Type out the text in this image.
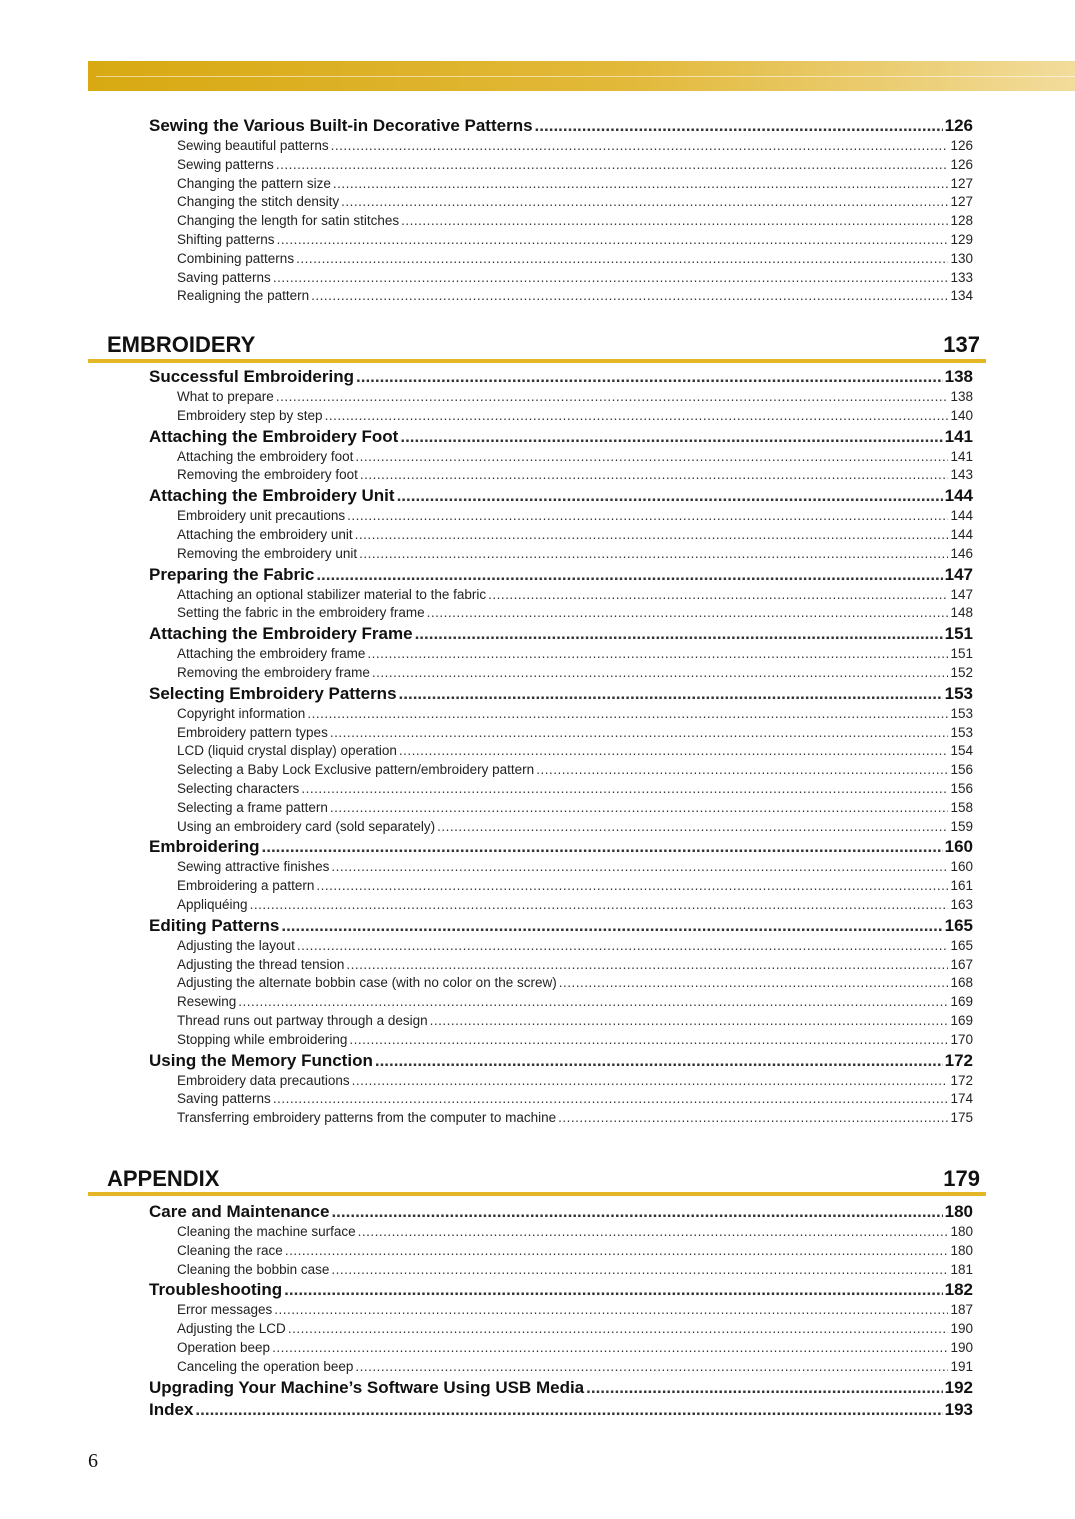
Sewing the Various Built-in Decorative Patterns .....	126
Sewing beautiful patterns .....	126
Sewing patterns .....	126
Changing the pattern size .....	127
Changing the stitch density .....	127
Changing the length for satin stitches .....	128
Shifting patterns .....	129
Combining patterns .....	130
Saving patterns .....	133
Realigning the pattern .....	134
EMBROIDERY	137
Successful Embroidering .....	138
What to prepare .....	138
Embroidery step by step .....	140
Attaching the Embroidery Foot .....	141
Attaching the embroidery foot .....	141
Removing the embroidery foot .....	143
Attaching the Embroidery Unit .....	144
Embroidery unit precautions .....	144
Attaching the embroidery unit .....	144
Removing the embroidery unit .....	146
Preparing the Fabric .....	147
Attaching an optional stabilizer material to the fabric .....	147
Setting the fabric in the embroidery frame .....	148
Attaching the Embroidery Frame .....	151
Attaching the embroidery frame .....	151
Removing the embroidery frame .....	152
Selecting Embroidery Patterns .....	153
Copyright information .....	153
Embroidery pattern types .....	153
LCD (liquid crystal display) operation .....	154
Selecting a Baby Lock Exclusive pattern/embroidery pattern .....	156
Selecting characters .....	156
Selecting a frame pattern .....	158
Using an embroidery card (sold separately) .....	159
Embroidering .....	160
Sewing attractive finishes .....	160
Embroidering a pattern .....	161
Appliquéing .....	163
Editing Patterns .....	165
Adjusting the layout .....	165
Adjusting the thread tension .....	167
Adjusting the alternate bobbin case (with no color on the screw) .....	168
Resewing .....	169
Thread runs out partway through a design .....	169
Stopping while embroidering .....	170
Using the Memory Function .....	172
Embroidery data precautions .....	172
Saving patterns .....	174
Transferring embroidery patterns from the computer to machine .....	175
APPENDIX	179
Care and Maintenance .....	180
Cleaning the machine surface .....	180
Cleaning the race .....	180
Cleaning the bobbin case .....	181
Troubleshooting .....	182
Error messages .....	187
Adjusting the LCD .....	190
Operation beep .....	190
Canceling the operation beep .....	191
Upgrading Your Machine’s Software Using USB Media .....	192
Index .....	193
6
